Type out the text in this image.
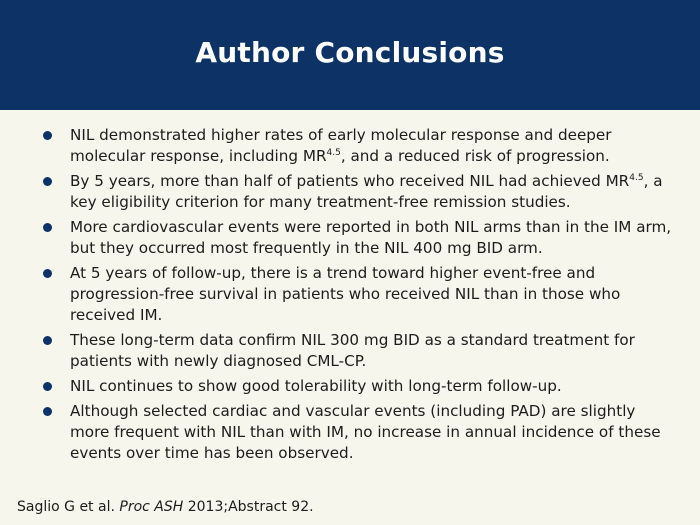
Author Conclusions
NIL demonstrated higher rates of early molecular response and deeper molecular response, including $MR^{4.5}$, and a reduced risk of progression.
By 5 years, more than half of patients who received NIL had achieved $MR^{4.5}$, a key eligibility criterion for many treatment-free remission studies.
More cardiovascular events were reported in both NIL arms than in the IM arm, but they occurred most frequently in the NIL 400 mg BID arm.
At 5 years of follow-up, there is a trend toward higher event-free and progression-free survival in patients who received NIL than in those who received IM.
These long-term data confirm NIL 300 mg BID as a standard treatment for patients with newly diagnosed CML-CP.
NIL continues to show good tolerability with long-term follow-up.
Although selected cardiac and vascular events (including PAD) are slightly more frequent with NIL than with IM, no increase in annual incidence of these events over time has been observed.
Saglio G et al. Proc ASH 2013;Abstract 92.
